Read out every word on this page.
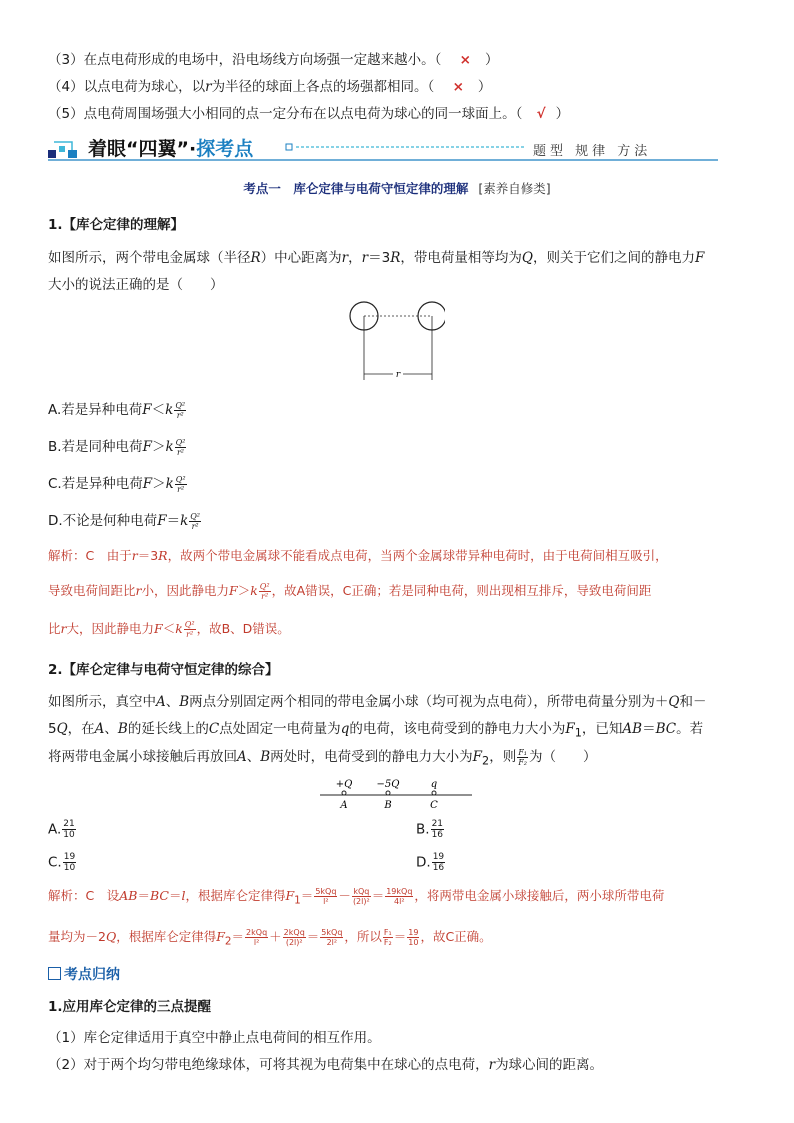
（3）在点电荷形成的电场中，沿电场线方向场强一定越来越小。（ × ）
（4）以点电荷为球心，以r为半径的球面上各点的场强都相同。（ × ）
（5）点电荷周围场强大小相同的点一定分布在以点电荷为球心的同一球面上。（ √ ）
着眼“四翼”·探考点	题型 规律 方法
考点一　库仑定律与电荷守恒定律的理解 [素养自修类]
1.【库仑定律的理解】
如图所示，两个带电金属球（半径R）中心距离为r，r＝3R，带电荷量相等均为Q，则关于它们之间的静电力F
大小的说法正确的是（　　）
r
A.若是异种电荷$F<k \frac{\text{Q²}}{\text{r²}}$
B.若是同种电荷$F>k \frac{\text{Q²}}{\text{r²}}$
C.若是异种电荷$F>k \frac{\text{Q²}}{\text{r²}}$
D.不论是何种电荷$F=k \frac{\text{Q²}}{\text{r²}}$
解析：C　由于r＝3R，故两个带电金属球不能看成点电荷，当两个金属球带异种电荷时，由于电荷间相互吸引，
导致电荷间距比r小，因此静电力$F>k \frac{\text{Q²}}{\text{r²}}$ ，故A错误，C正确；若是同种电荷，则出现相互排斥，导致电荷间距
比r大，因此静电力$F<k \frac{\text{Q²}}{\text{r²}}$ ，故B、D错误。
2.【库仑定律与电荷守恒定律的综合】
如图所示，真空中A、B两点分别固定两个相同的带电金属小球（均可视为点电荷），所带电荷量分别为＋Q和－
5Q，在A、B的延长线上的C点处固定一电荷量为q的电荷，该电荷受到的静电力大小为$F_1$，已知AB＝BC。若
将两带电金属小球接触后再放回A、B两处时，电荷受到的静电力大小为$F_2$，则 $\frac{\text{F₁}}{\text{F₂}}$ 为（　　）
+Q −5Q	q
A	B	C
A. $\frac{21}{10}$	B. $\frac{21}{16}$
C. $\frac{19}{10}$	D. $\frac{19}{16}$
解析：C　设AB＝BC＝l，根据库仑定律得$F_1= \frac{\text{5kQq}}{\text{l²}} - \frac{\text{kQq}}{\text{(2l)²}} = \frac{\text{19kQq}}{\text{4l²}}$ ，将两带电金属小球接触后，两小球所带电荷
量均为－2Q，根据库仑定律得$F_2= \frac{\text{2kQq}}{\text{l²}} + \frac{\text{2kQq}}{\text{(2l)²}} = \frac{\text{5kQq}}{\text{2l²}}$ ，所以 $\frac{\text{F₁}}{\text{F₂}} = \frac{19}{10}$ ，故C正确。
考点归纳
1.应用库仑定律的三点提醒
（1）库仑定律适用于真空中静止点电荷间的相互作用。
（2）对于两个均匀带电绝缘球体，可将其视为电荷集中在球心的点电荷，r为球心间的距离。
